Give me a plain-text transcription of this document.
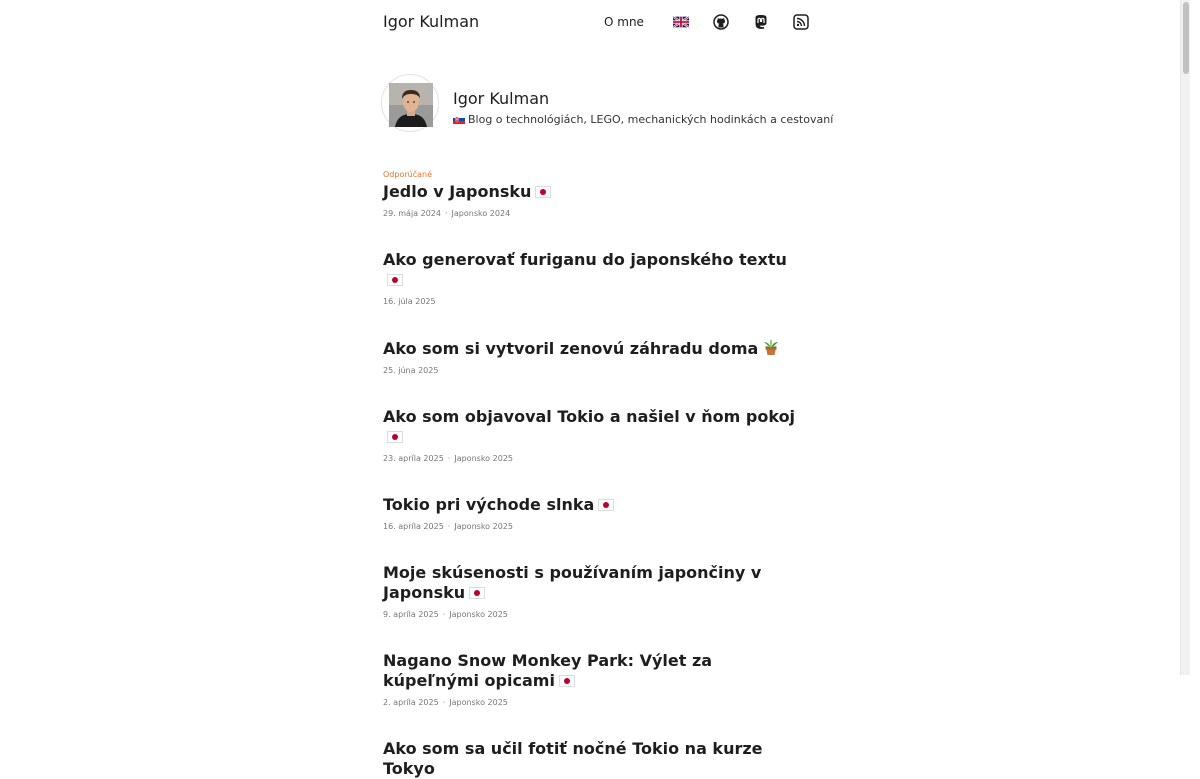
Igor Kulman	O mne
Igor Kulman
Blog o technológiách, LEGO, mechanických hodinkách a cestovaní
Odporúčané
Jedlo v Japonsku
29. mája 2024 · Japonsko 2024
Ako generovať furiganu do japonského textu
16. júla 2025
Ako som si vytvoril zenovú záhradu doma
25. júna 2025
Ako som objavoval Tokio a našiel v ňom pokoj
23. apríla 2025 · Japonsko 2025
Tokio pri východe slnka
16. apríla 2025 · Japonsko 2025
Moje skúsenosti s používaním japončiny v Japonsku
9. apríla 2025 · Japonsko 2025
Nagano Snow Monkey Park: Výlet za kúpeľnými opicami
2. apríla 2025 · Japonsko 2025
Ako som sa učil fotiť nočné Tokio na kurze Tokyo
